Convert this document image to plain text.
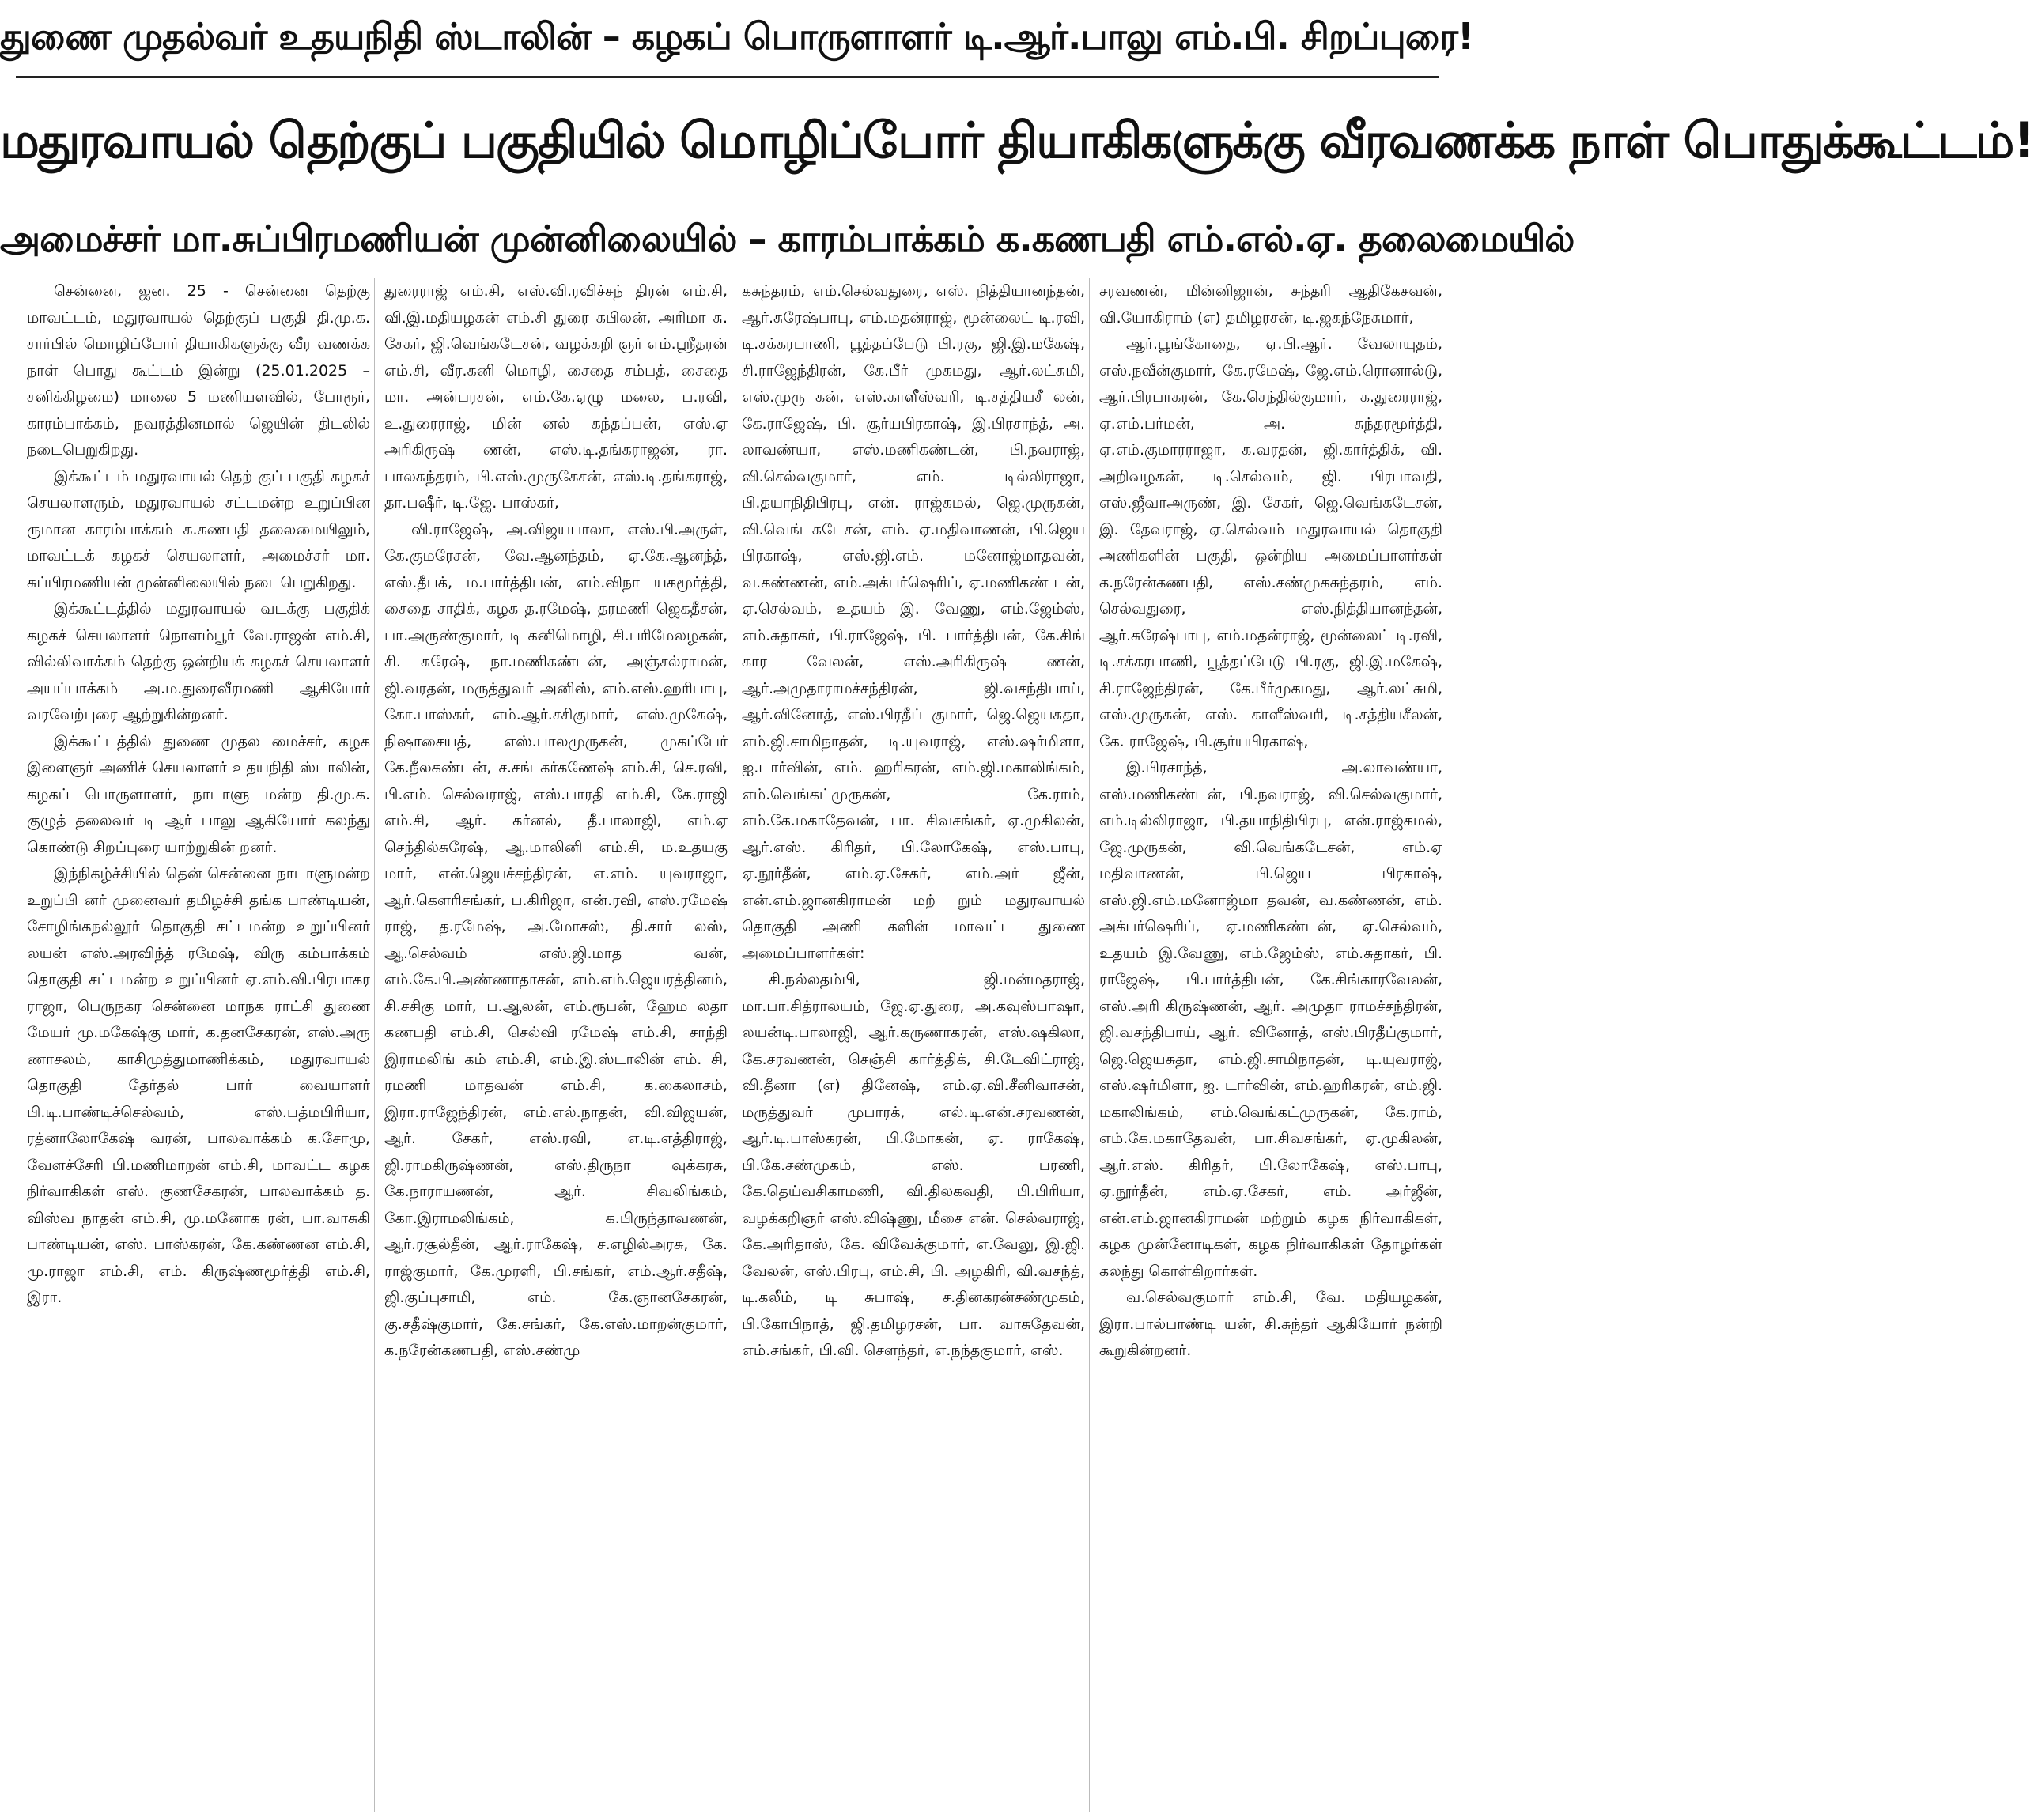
துணை முதல்வர் உதயநிதி ஸ்டாலின் – கழகப் பொருளாளர் டி.ஆர்.பாலு எம்.பி. சிறப்புரை!
மதுரவாயல் தெற்குப் பகுதியில் மொழிப்போர் தியாகிகளுக்கு வீரவணக்க நாள் பொதுக்கூட்டம்!
அமைச்சர் மா.சுப்பிரமணியன் முன்னிலையில் – காரம்பாக்கம் க.கணபதி எம்.எல்.ஏ. தலைமையில்

சென்னை, ஜன. 25 - சென்னை தெற்கு மாவட்டம், மதுரவாயல் தெற்குப் பகுதி தி.மு.க. சார்பில் மொழிப்போர் தியாகிகளுக்கு வீர வணக்க நாள் பொது கூட்டம் இன்று (25.01.2025 – சனிக்கிழமை) மாலை 5 மணியளவில், போரூர், காரம்பாக்கம், நவரத்தினமால் ஜெயின் திடலில் நடைபெறுகிறது.

இக்கூட்டம் மதுரவாயல் தெற் குப் பகுதி கழகச் செயலாளரும், மதுரவாயல் சட்டமன்ற உறுப்பின ருமான காரம்பாக்கம் க.கணபதி தலைமையிலும், மாவட்டக் கழகச் செயலாளர், அமைச்சர் மா. சுப்பிரமணியன் முன்னிலையில் நடைபெறுகிறது.

இக்கூட்டத்தில் மதுரவாயல் வடக்கு பகுதிக் கழகச் செயலாளர் நொளம்பூர் வே.ராஜன் எம்.சி, வில்லிவாக்கம் தெற்கு ஒன்றியக் கழகச் செயலாளர் அயப்பாக்கம் அ.ம.துரைவீரமணி ஆகியோர் வரவேற்புரை ஆற்றுகின்றனர்.

இக்கூட்டத்தில் துணை முதல மைச்சர், கழக இளைஞர் அணிச் செயலாளர் உதயநிதி ஸ்டாலின், கழகப் பொருளாளர், நாடாளு மன்ற தி.மு.க. குழுத் தலைவர் டி ஆர் பாலு ஆகியோர் கலந்து கொண்டு சிறப்புரை யாற்றுகின் றனர்.

இந்நிகழ்ச்சியில் தென் சென்னை நாடாளுமன்ற உறுப்பி னர் முனைவர் தமிழச்சி தங்க பாண்டியன், சோழிங்கநல்லூர் தொகுதி சட்டமன்ற உறுப்பினர் லயன் எஸ்.அரவிந்த் ரமேஷ், விரு கம்பாக்கம் தொகுதி சட்டமன்ற உறுப்பினர் ஏ.எம்.வி.பிரபாகர ராஜா, பெருநகர சென்னை மாநக ராட்சி துணை மேயர் மு.மகேஷ்கு மார், க.தனசேகரன், எஸ்.அரு ணாசலம், காசிமுத்துமாணிக்கம், மதுரவாயல் தொகுதி தேர்தல் பார் வையாளர் பி.டி.பாண்டிச்செல்வம், எஸ்.பத்மபிரியா, ரத்னாலோகேஷ் வரன், பாலவாக்கம் க.சோமு, வேளச்சேரி பி.மணிமாறன் எம்.சி, மாவட்ட கழக நிர்வாகிகள் எஸ். குணசேகரன், பாலவாக்கம் த. விஸ்வ நாதன் எம்.சி, மு.மனோக ரன், பா.வாசுகி பாண்டியன், எஸ். பாஸ்கரன், கே.கண்ணன எம்.சி, மு.ராஜா எம்.சி, எம். கிருஷ்ணமூர்த்தி எம்.சி, இரா.

துரைராஜ் எம்.சி, எஸ்.வி.ரவிச்சந் திரன் எம்.சி, வி.இ.மதியழகன் எம்.சி துரை கபிலன், அரிமா சு. சேகர், ஜி.வெங்கடேசன், வழக்கறி ஞர் எம்.ஸ்ரீதரன் எம்.சி, வீர.கனி மொழி, சைதை சம்பத், சைதை மா. அன்பரசன், எம்.கே.ஏழு மலை, ப.ரவி, உ.துரைராஜ், மின் னல் கந்தப்பன், எஸ்.ஏ அரிகிருஷ் ணன், எஸ்.டி.தங்கராஜன், ரா. பாலசுந்தரம், பி.எஸ்.முருகேசன், எஸ்.டி.தங்கராஜ், தா.பஷீர், டி.ஜே. பாஸ்கர்,

வி.ராஜேஷ், அ.விஜயபாலா, எஸ்.பி.அருள், கே.குமரேசன், வே.ஆனந்தம், ஏ.கே.ஆனந்த், எஸ்.தீபக், ம.பார்த்திபன், எம்.விநா யகமூர்த்தி, சைதை சாதிக், கழக த.ரமேஷ், தரமணி ஜெகதீசன், பா.அருண்குமார், டி கனிமொழி, சி.பரிமேலழகன், சி. சுரேஷ், நா.மணிகண்டன், அஞ்சல்ராமன், ஜி.வரதன், மருத்துவர் அனிஸ், எம்.எஸ்.ஹரிபாபு, கோ.பாஸ்கர், எம்.ஆர்.சசிகுமார், எஸ்.முகேஷ், நிஷாசையத், எஸ்.பாலமுருகன், முகப்பேர் கே.நீலகண்டன், ச.சங் கர்கணேஷ் எம்.சி, செ.ரவி, பி.எம். செல்வராஜ், எஸ்.பாரதி எம்.சி, கே.ராஜி எம்.சி, ஆர். கர்னல், தீ.பாலாஜி, எம்.ஏ செந்தில்சுரேஷ், ஆ.மாலினி எம்.சி, ம.உதயகு மார், என்.ஜெயச்சந்திரன், எ.எம். யுவராஜா, ஆர்.கௌரிசங்கர், ப.கிரிஜா, என்.ரவி, எஸ்.ரமேஷ் ராஜ், த.ரமேஷ், அ.மோசஸ், தி.சார் லஸ், ஆ.செல்வம் எஸ்.ஜி.மாத வன், எம்.கே.பி.அண்ணாதாசன், எம்.எம்.ஜெயரத்தினம், சி.சசிகு மார், ப.ஆலன், எம்.ரூபன், ஹேம லதா கணபதி எம்.சி, செல்வி ரமேஷ் எம்.சி, சாந்தி இராமலிங் கம் எம்.சி, எம்.இ.ஸ்டாலின் எம். சி, ரமணி மாதவன் எம்.சி, க.கைலாசம், இரா.ராஜேந்திரன், எம்.எல்.நாதன், வி.விஜயன், ஆர். சேகர், எஸ்.ரவி, எ.டி.எத்திராஜ், ஜி.ராமகிருஷ்ணன், எஸ்.திருநா வுக்கரசு, கே.நாராயணன், ஆர். சிவலிங்கம், கோ.இராமலிங்கம், க.பிருந்தாவணன், ஆர்.ரசூல்தீன், ஆர்.ராகேஷ், ச.எழில்அரசு, கே. ராஜ்குமார், கே.முரளி, பி.சங்கர், எம்.ஆர்.சதீஷ், ஜி.குப்புசாமி, எம். கே.ஞானசேகரன், கு.சதீஷ்குமார், கே.சங்கர், கே.எஸ்.மாறன்குமார், க.நரேன்கணபதி, எஸ்.சண்மு

கசுந்தரம், எம்.செல்வதுரை, எஸ். நித்தியானந்தன், ஆர்.சுரேஷ்பாபு, எம்.மதன்ராஜ், மூன்லைட் டி.ரவி, டி.சக்கரபாணி, பூத்தப்பேடு பி.ரகு, ஜி.இ.மகேஷ், சி.ராஜேந்திரன், கே.பீர் முகமது, ஆர்.லட்சுமி, எஸ்.முரு கன், எஸ்.காளீஸ்வரி, டி.சத்தியசீ லன், கே.ராஜேஷ், பி. சூர்யபிரகாஷ், இ.பிரசாந்த், அ. லாவண்யா, எஸ்.மணிகண்டன், பி.நவராஜ், வி.செல்வகுமார், எம். டில்லிராஜா, பி.தயாநிதிபிரபு, என். ராஜ்கமல், ஜெ.முருகன், வி.வெங் கடேசன், எம். ஏ.மதிவாணன், பி.ஜெய பிரகாஷ், எஸ்.ஜி.எம். மனோஜ்மாதவன், வ.கண்ணன், எம்.அக்பர்ஷெரிப், ஏ.மணிகண் டன், ஏ.செல்வம், உதயம் இ. வேணு, எம்.ஜேம்ஸ், எம்.சுதாகர், பி.ராஜேஷ், பி. பார்த்திபன், கே.சிங் கார வேலன், எஸ்.அரிகிருஷ் ணன், ஆர்.அமுதாராமச்சந்திரன், ஜி.வசந்திபாய், ஆர்.வினோத், எஸ்.பிரதீப் குமார், ஜெ.ஜெயசுதா, எம்.ஜி.சாமிநாதன், டி.யுவராஜ், எஸ்.ஷர்மிளா, ஐ.டார்வின், எம். ஹரிகரன், எம்.ஜி.மகாலிங்கம், எம்.வெங்கட்முருகன், கே.ராம், எம்.கே.மகாதேவன், பா. சிவசங்கர், ஏ.முகிலன், ஆர்.எஸ். கிரிதர், பி.லோகேஷ், எஸ்.பாபு, ஏ.நூர்தீன், எம்.ஏ.சேகர், எம்.அர் ஜீன், என்.எம்.ஜானகிராமன் மற் றும் மதுரவாயல் தொகுதி அணி களின் மாவட்ட துணை அமைப்பாளர்கள்:

சி.நல்லதம்பி, ஜி.மன்மதராஜ், மா.பா.சித்ராலயம், ஜே.ஏ.துரை, அ.கவுஸ்பாஷா, லயன்டி.பாலாஜி, ஆர்.கருணாகரன், எஸ்.ஷகிலா, கே.சரவணன், செஞ்சி கார்த்திக், சி.டேவிட்ராஜ், வி.தீனா (எ) தினேஷ், எம்.ஏ.வி.சீனிவாசன், மருத்துவர் முபாரக், எல்.டி.என்.சரவணன், ஆர்.டி.பாஸ்கரன், பி.மோகன், ஏ. ராகேஷ், பி.கே.சண்முகம், எஸ். பரணி, கே.தெய்வசிகாமணி, வி.திலகவதி, பி.பிரியா, வழக்கறிஞர் எஸ்.விஷ்ணு, மீசை என். செல்வராஜ், கே.அரிதாஸ், கே. விவேக்குமார், எ.வேலு, இ.ஜி. வேலன், எஸ்.பிரபு, எம்.சி, பி. அழகிரி, வி.வசந்த், டி.கலீம், டி சுபாஷ், ச.தினகரன்சண்முகம், பி.கோபிநாத், ஜி.தமிழரசன், பா. வாசுதேவன், எம்.சங்கர், பி.வி. சௌந்தர், எ.நந்தகுமார், எஸ்.

சரவணன், மின்னிஜான், சுந்தரி ஆதிகேசவன், வி.யோகிராம் (எ) தமிழரசன், டி.ஜகந்நேசுமார்,

ஆர்.பூங்கோதை, ஏ.பி.ஆர். வேலாயுதம், எஸ்.நவீன்குமார், கே.ரமேஷ், ஜே.எம்.ரொனால்டு, ஆர்.பிரபாகரன், கே.செந்தில்குமார், க.துரைராஜ், ஏ.எம்.பர்மன், அ. சுந்தரமூர்த்தி, ஏ.எம்.குமாரராஜா, க.வரதன், ஜி.கார்த்திக், வி. அறிவழகன், டி.செல்வம், ஜி. பிரபாவதி, எஸ்.ஜீவாஅருண், இ. சேகர், ஜெ.வெங்கடேசன், இ. தேவராஜ், ஏ.செல்வம் மதுரவாயல் தொகுதி அணிகளின் பகுதி, ஒன்றிய அமைப்பாளர்கள் க.நரேன்கணபதி, எஸ்.சண்முகசுந்தரம், எம். செல்வதுரை, எஸ்.நித்தியானந்தன், ஆர்.சுரேஷ்பாபு, எம்.மதன்ராஜ், மூன்லைட் டி.ரவி, டி.சக்கரபாணி, பூத்தப்பேடு பி.ரகு, ஜி.இ.மகேஷ், சி.ராஜேந்திரன், கே.பீர்முகமது, ஆர்.லட்சுமி, எஸ்.முருகன், எஸ். காளீஸ்வரி, டி.சத்தியசீலன், கே. ராஜேஷ், பி.சூர்யபிரகாஷ்,

இ.பிரசாந்த், அ.லாவண்யா, எஸ்.மணிகண்டன், பி.நவராஜ், வி.செல்வகுமார், எம்.டில்லிராஜா, பி.தயாநிதிபிரபு, என்.ராஜ்கமல், ஜே.முருகன், வி.வெங்கடேசன், எம்.ஏ மதிவாணன், பி.ஜெய பிரகாஷ், எஸ்.ஜி.எம்.மனோஜ்மா தவன், வ.கண்ணன், எம். அக்பர்ஷெரிப், ஏ.மணிகண்டன், ஏ.செல்வம், உதயம் இ.வேணு, எம்.ஜேம்ஸ், எம்.சுதாகர், பி. ராஜேஷ், பி.பார்த்திபன், கே.சிங்காரவேலன், எஸ்.அரி கிருஷ்ணன், ஆர். அமுதா ராமச்சந்திரன், ஜி.வசந்திபாய், ஆர். வினோத், எஸ்.பிரதீப்குமார், ஜெ.ஜெயசுதா, எம்.ஜி.சாமிநாதன், டி.யுவராஜ், எஸ்.ஷர்மிளா, ஐ. டார்வின், எம்.ஹரிகரன், எம்.ஜி. மகாலிங்கம், எம்.வெங்கட்முருகன், கே.ராம், எம்.கே.மகாதேவன், பா.சிவசங்கர், ஏ.முகிலன், ஆர்.எஸ். கிரிதர், பி.லோகேஷ், எஸ்.பாபு, ஏ.நூர்தீன், எம்.ஏ.சேகர், எம். அர்ஜீன், என்.எம்.ஜானகிராமன் மற்றும் கழக நிர்வாகிகள், கழக முன்னோடிகள், கழக நிர்வாகிகள் தோழர்கள் கலந்து கொள்கிறார்கள்.

வ.செல்வகுமார் எம்.சி, வே. மதியழகன், இரா.பால்பாண்டி யன், சி.சுந்தர் ஆகியோர் நன்றி கூறுகின்றனர்.
